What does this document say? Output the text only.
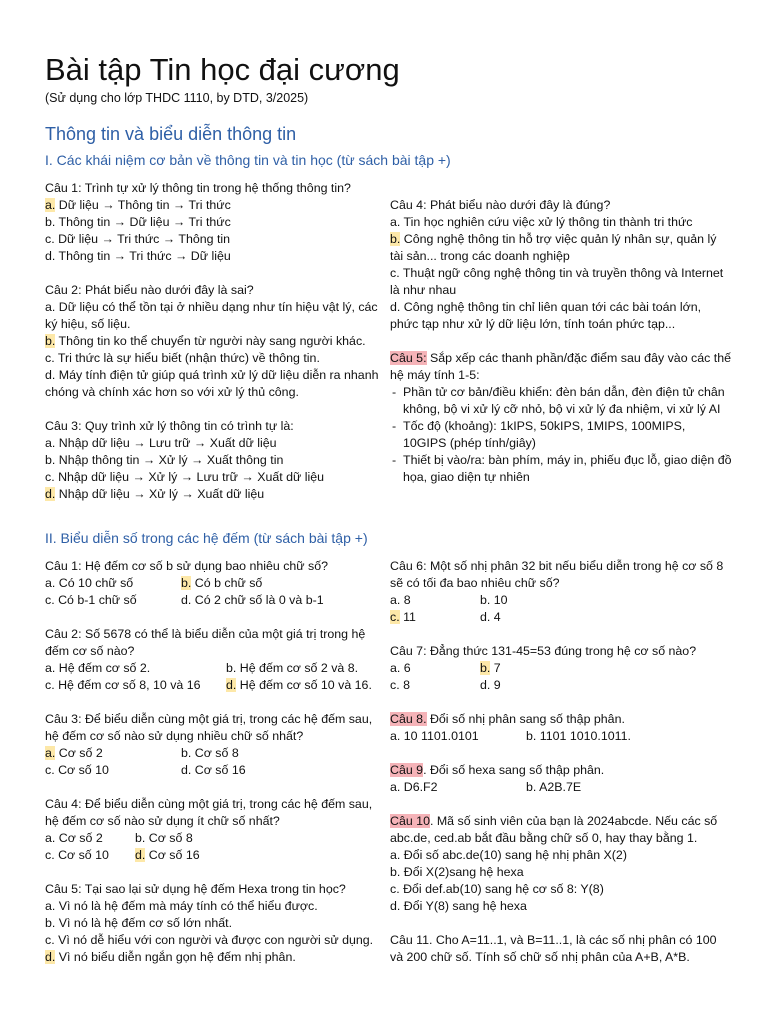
Bài tập Tin học đại cương
(Sử dụng cho lớp THDC 1110, by DTD, 3/2025)
Thông tin và biểu diễn thông tin
I. Các khái niệm cơ bản về thông tin và tin học (từ sách bài tập +)
Câu 1: Trình tự xử lý thông tin trong hệ thống thông tin?
a. Dữ liệu → Thông tin → Tri thức
b. Thông tin → Dữ liệu → Tri thức
c. Dữ liệu → Tri thức → Thông tin
d. Thông tin → Tri thức → Dữ liệu
Câu 2: Phát biểu nào dưới đây là sai?
a. Dữ liệu có thể tồn tại ở nhiều dạng như tín hiệu vật lý, các ký hiệu, số liệu.
b. Thông tin ko thể chuyển từ người này sang người khác.
c. Tri thức là sự hiểu biết (nhận thức) về thông tin.
d. Máy tính điện tử giúp quá trình xử lý dữ liệu diễn ra nhanh chóng và chính xác hơn so với xử lý thủ công.
Câu 3: Quy trình xử lý thông tin có trình tự là:
a. Nhập dữ liệu → Lưu trữ → Xuất dữ liệu
b. Nhập thông tin → Xử lý → Xuất thông tin
c. Nhập dữ liệu → Xử lý → Lưu trữ → Xuất dữ liệu
d. Nhập dữ liệu → Xử lý → Xuất dữ liệu
Câu 4: Phát biểu nào dưới đây là đúng?
a. Tin học nghiên cứu việc xử lý thông tin thành tri thức
b. Công nghệ thông tin hỗ trợ việc quản lý nhân sự, quản lý tài sản... trong các doanh nghiệp
c. Thuật ngữ công nghệ thông tin và truyền thông và Internet là như nhau
d. Công nghệ thông tin chỉ liên quan tới các bài toán lớn, phức tạp như xử lý dữ liệu lớn, tính toán phức tạp...
Câu 5: Sắp xếp các thanh phần/đặc điểm sau đây vào các thế hệ máy tính 1-5:
- Phần tử cơ bản/điều khiển: đèn bán dẫn, đèn điện tử chân không, bộ vi xử lý cỡ nhỏ, bộ vi xử lý đa nhiệm, vi xử lý AI
- Tốc độ (khoảng): 1kIPS, 50kIPS, 1MIPS, 100MIPS, 10GIPS (phép tính/giây)
- Thiết bị vào/ra: bàn phím, máy in, phiếu đục lỗ, giao diện đồ họa, giao diện tự nhiên
II. Biểu diễn số trong các hệ đếm (từ sách bài tập +)
Câu 1: Hệ đếm cơ số b sử dụng bao nhiêu chữ số?
a. Có 10 chữ số	b. Có b chữ số
c. Có b-1 chữ số	d. Có 2 chữ số là 0 và b-1
Câu 2: Số 5678 có thể là biểu diễn của một giá trị trong hệ đếm cơ số nào?
a. Hệ đếm cơ số 2.	b. Hệ đếm cơ số 2 và 8.
c. Hệ đếm cơ số 8, 10 và 16	d. Hệ đếm cơ số 10 và 16.
Câu 3: Để biểu diễn cùng một giá trị, trong các hệ đếm sau, hệ đếm cơ số nào sử dụng nhiều chữ số nhất?
a. Cơ số 2	b. Cơ số 8
c. Cơ số 10	d. Cơ số 16
Câu 4: Để biểu diễn cùng một giá trị, trong các hệ đếm sau, hệ đếm cơ số nào sử dụng ít chữ số nhất?
a. Cơ số 2	b. Cơ số 8
c. Cơ số 10	d. Cơ số 16
Câu 5: Tại sao lại sử dụng hệ đếm Hexa trong tin học?
a. Vì nó là hệ đếm mà máy tính có thể hiểu được.
b. Vì nó là hệ đếm cơ số lớn nhất.
c. Vì nó dễ hiểu với con người và được con người sử dụng.
d. Vì nó biểu diễn ngắn gọn hệ đếm nhị phân.
Câu 6: Một số nhị phân 32 bit nếu biểu diễn trong hệ cơ số 8 sẽ có tối đa bao nhiêu chữ số?
a. 8	b. 10
c. 11	d. 4
Câu 7: Đẳng thức 131-45=53 đúng trong hệ cơ số nào?
a. 6	b. 7
c. 8	d. 9
Câu 8. Đổi số nhị phân sang số thập phân.
a. 10 1101.0101	b. 1101 1010.1011.
Câu 9. Đổi số hexa sang số thập phân.
a. D6.F2	b. A2B.7E
Câu 10. Mã số sinh viên của bạn là 2024abcde. Nếu các số abc.de, ced.ab bắt đầu bằng chữ số 0, hay thay bằng 1.
a. Đổi số abc.de(10) sang hệ nhị phân X(2)
b. Đổi X(2)sang hệ hexa
c. Đổi def.ab(10) sang hệ cơ số 8: Y(8)
d. Đổi Y(8) sang hệ hexa
Câu 11. Cho A=11..1, và B=11..1, là các số nhị phân có 100 và 200 chữ số. Tính số chữ số nhị phân của A+B, A*B.
